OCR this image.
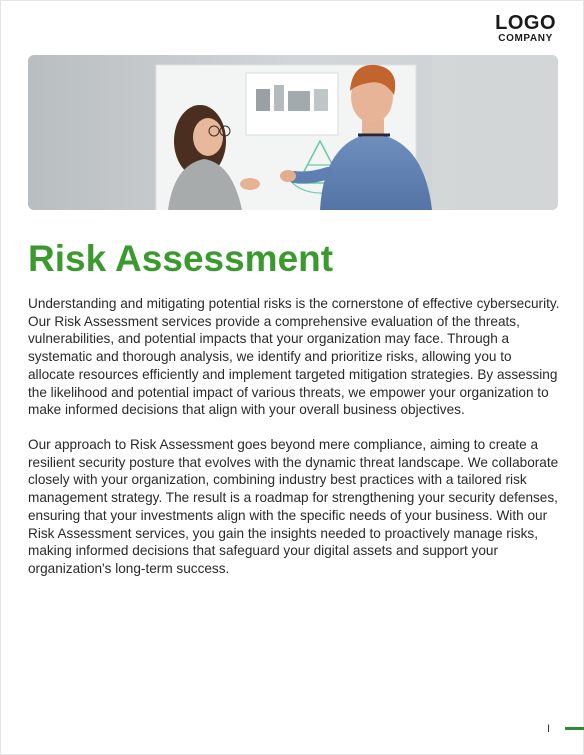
LOGO
COMPANY
Risk Assessment

Understanding and mitigating potential risks is the cornerstone of effective cybersecurity. Our Risk Assessment services provide a comprehensive evaluation of the threats, vulnerabilities, and potential impacts that your organization may face. Through a systematic and thorough analysis, we identify and prioritize risks, allowing you to allocate resources efficiently and implement targeted mitigation strategies. By assessing the likelihood and potential impact of various threats, we empower your organization to make informed decisions that align with your overall business objectives.

Our approach to Risk Assessment goes beyond mere compliance, aiming to create a resilient security posture that evolves with the dynamic threat landscape. We collaborate closely with your organization, combining industry best practices with a tailored risk management strategy. The result is a roadmap for strengthening your security defenses, ensuring that your investments align with the specific needs of your business. With our Risk Assessment services, you gain the insights needed to proactively manage risks, making informed decisions that safeguard your digital assets and support your organization's long-term success.

I
